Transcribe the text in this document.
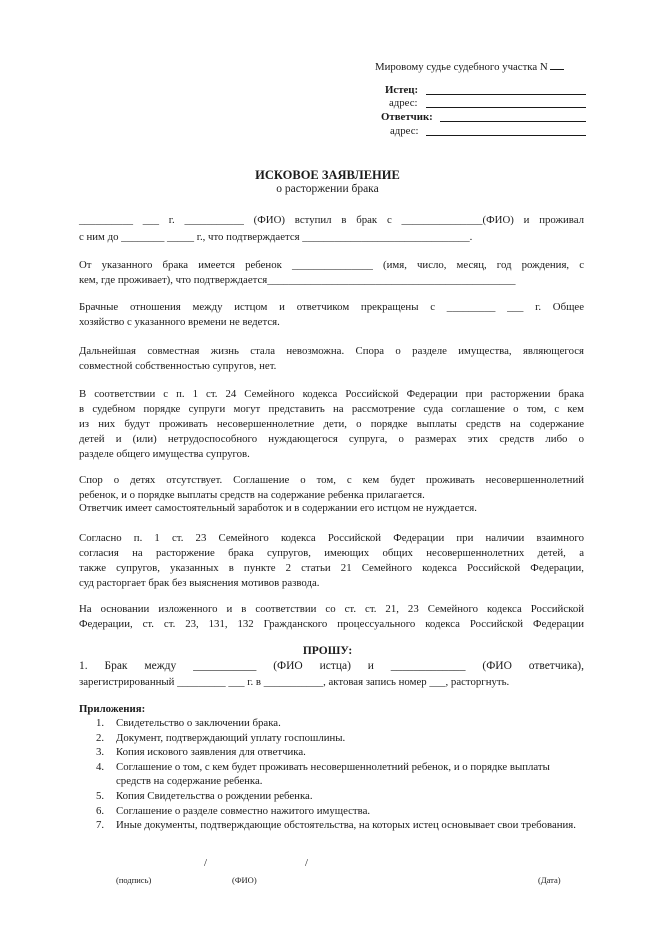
Мировому судье судебного участка N
Истец:
адрес:
Ответчик:
адрес:
ИСКОВОЕ ЗАЯВЛЕНИЕ
о расторжении брака
__________ ___ г. ___________ (ФИО) вступил в брак с _______________(ФИО) и проживал
с ним до ________ _____ г., что подтверждается _______________________________.
От указанного брака имеется ребенок _______________ (имя, число, месяц, год рождения, с
кем, где проживает), что подтверждается______________________________________________
Брачные отношения между истцом и ответчиком прекращены с _________ ___ г. Общее
хозяйство с указанного времени не ведется.
Дальнейшая совместная жизнь стала невозможна. Спора о разделе имущества, являющегося
совместной собственностью супругов, нет.
В соответствии с п. 1 ст. 24 Семейного кодекса Российской Федерации при расторжении брака
в судебном порядке супруги могут представить на рассмотрение суда соглашение о том, с кем
из них будут проживать несовершеннолетние дети, о порядке выплаты средств на содержание
детей и (или) нетрудоспособного нуждающегося супруга, о размерах этих средств либо о
разделе общего имущества супругов.
Спор о детях отсутствует. Соглашение о том, с кем будет проживать несовершеннолетний
ребенок, и о порядке выплаты средств на содержание ребенка прилагается.
Ответчик имеет самостоятельный заработок и в содержании его истцом не нуждается.
Согласно п. 1 ст. 23 Семейного кодекса Российской Федерации при наличии взаимного
согласия на расторжение брака супругов, имеющих общих несовершеннолетних детей, а
также супругов, указанных в пункте 2 статьи 21 Семейного кодекса Российской Федерации,
суд расторгает брак без выяснения мотивов развода.
На основании изложенного и в соответствии со ст. ст. 21, 23 Семейного кодекса Российской
Федерации, ст. ст. 23, 131, 132 Гражданского процессуального кодекса Российской Федерации
ПРОШУ:
1. Брак между ___________ (ФИО истца) и _____________ (ФИО ответчика),
зарегистрированный _________ ___ г. в ___________, актовая запись номер ___, расторгнуть.
Приложения:
1.	Свидетельство о заключении брака.
2.	Документ, подтверждающий уплату госпошлины.
3.	Копия искового заявления для ответчика.
4.	Соглашение о том, с кем будет проживать несовершеннолетний ребенок, и о порядке выплаты средств на содержание ребенка.
5.	Копия Свидетельства о рождении ребенка.
6.	Соглашение о разделе совместно нажитого имущества.
7.	Иные документы, подтверждающие обстоятельства, на которых истец основывает свои требования.
/	/
(подпись)	(ФИО)	(Дата)
